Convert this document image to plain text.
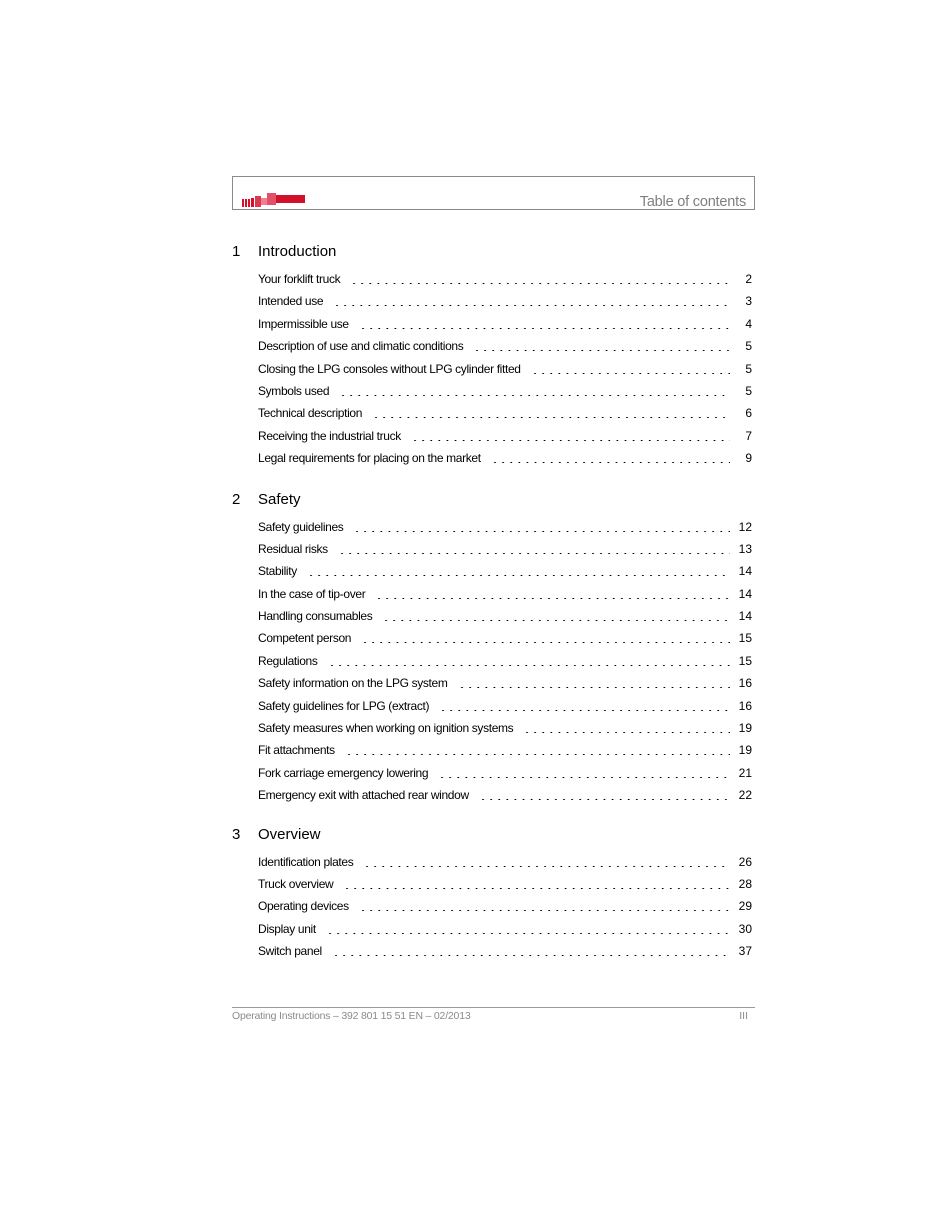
Table of contents
1 Introduction
Your forklift truck	2
Intended use	3
Impermissible use	4
Description of use and climatic conditions	5
Closing the LPG consoles without LPG cylinder fitted	5
Symbols used	5
Technical description	6
Receiving the industrial truck	7
Legal requirements for placing on the market	9
2 Safety
Safety guidelines	12
Residual risks	13
Stability	14
In the case of tip-over	14
Handling consumables	14
Competent person	15
Regulations	15
Safety information on the LPG system	16
Safety guidelines for LPG (extract)	16
Safety measures when working on ignition systems	19
Fit attachments	19
Fork carriage emergency lowering	21
Emergency exit with attached rear window	22
3 Overview
Identification plates	26
Truck overview	28
Operating devices	29
Display unit	30
Switch panel	37
Operating Instructions – 392 801 15 51 EN – 02/2013	III
